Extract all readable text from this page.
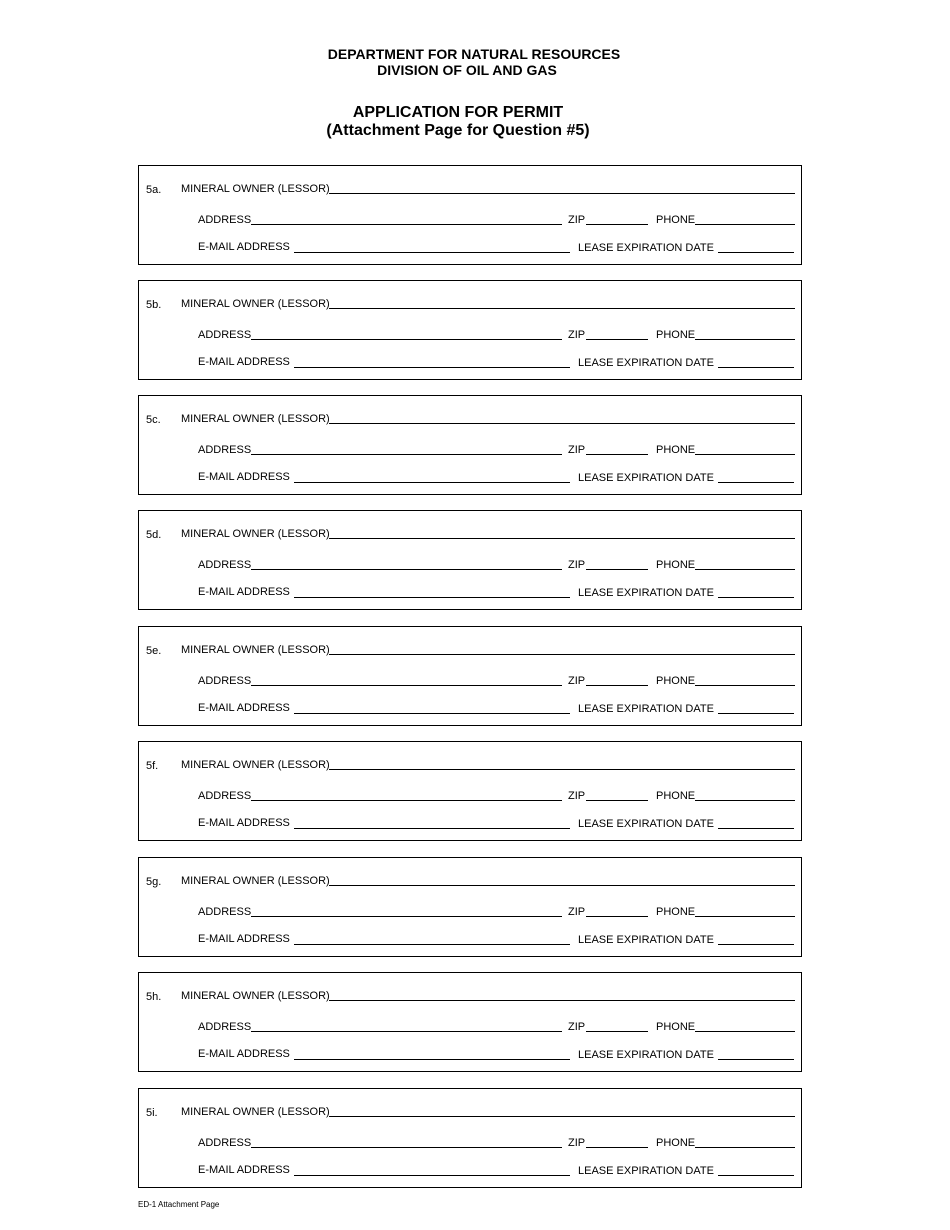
DEPARTMENT FOR NATURAL RESOURCES
DIVISION OF OIL AND GAS
APPLICATION FOR PERMIT
(Attachment Page for Question #5)
5a. MINERAL OWNER (LESSOR)
ADDRESS	ZIP	PHONE
E-MAIL ADDRESS	LEASE EXPIRATION DATE
5b. MINERAL OWNER (LESSOR)
ADDRESS	ZIP	PHONE
E-MAIL ADDRESS	LEASE EXPIRATION DATE
5c. MINERAL OWNER (LESSOR)
ADDRESS	ZIP	PHONE
E-MAIL ADDRESS	LEASE EXPIRATION DATE
5d. MINERAL OWNER (LESSOR)
ADDRESS	ZIP	PHONE
E-MAIL ADDRESS	LEASE EXPIRATION DATE
5e. MINERAL OWNER (LESSOR)
ADDRESS	ZIP	PHONE
E-MAIL ADDRESS	LEASE EXPIRATION DATE
5f. MINERAL OWNER (LESSOR)
ADDRESS	ZIP	PHONE
E-MAIL ADDRESS	LEASE EXPIRATION DATE
5g. MINERAL OWNER (LESSOR)
ADDRESS	ZIP	PHONE
E-MAIL ADDRESS	LEASE EXPIRATION DATE
5h. MINERAL OWNER (LESSOR)
ADDRESS	ZIP	PHONE
E-MAIL ADDRESS	LEASE EXPIRATION DATE
5i. MINERAL OWNER (LESSOR)
ADDRESS	ZIP	PHONE
E-MAIL ADDRESS	LEASE EXPIRATION DATE
ED-1 Attachment Page
